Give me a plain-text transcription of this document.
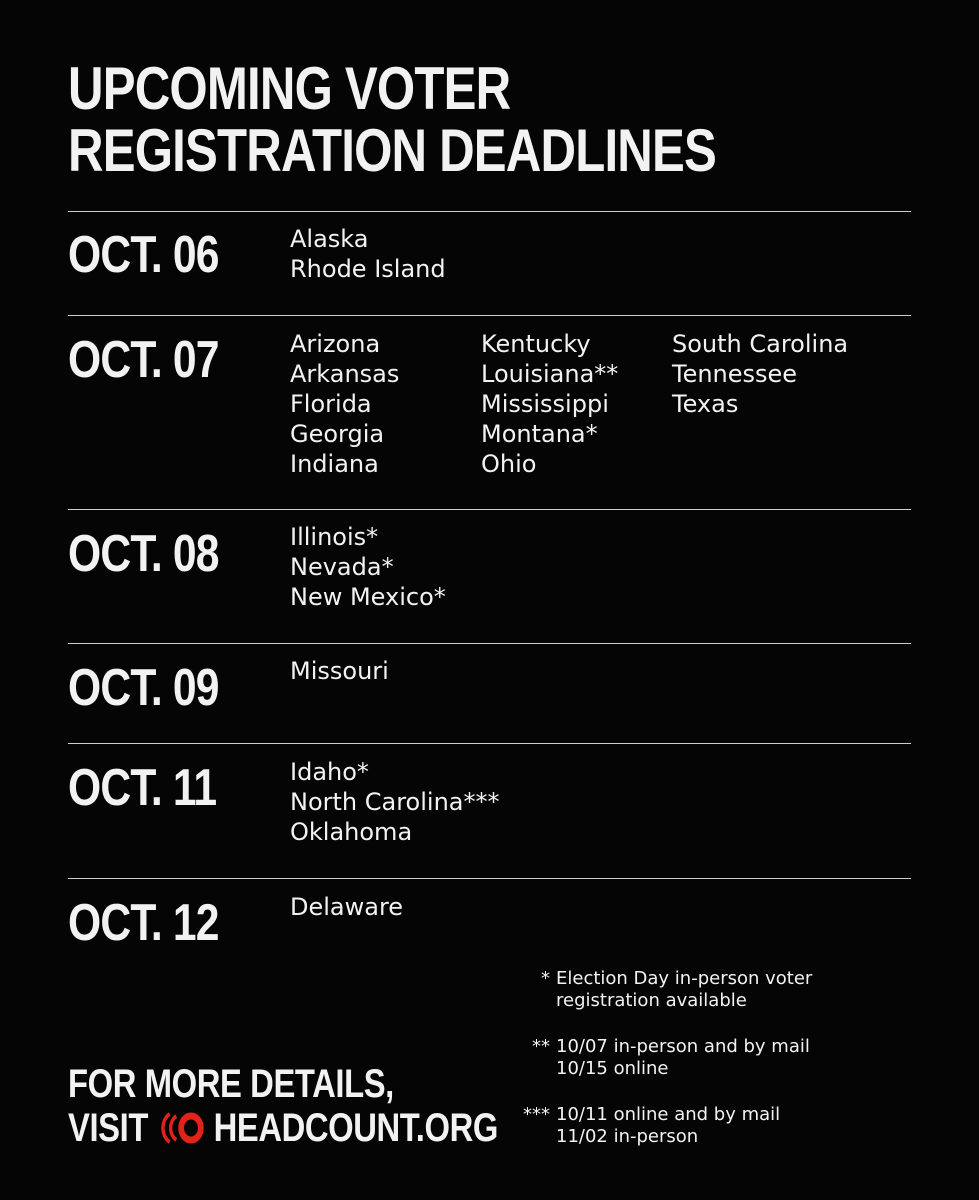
UPCOMING VOTER
REGISTRATION DEADLINES
OCT. 06	Alaska
Rhode Island
OCT. 07	Arizona
Arkansas
Florida
Georgia
Indiana
Kentucky
Louisiana**
Mississippi
Montana*
Ohio
South Carolina
Tennessee
Texas
OCT. 08	Illinois*
Nevada*
New Mexico*
OCT. 09	Missouri
OCT. 11	Idaho*
North Carolina***
Oklahoma
OCT. 12	Delaware
* Election Day in-person voter
registration available
** 10/07 in-person and by mail
10/15 online
*** 10/11 online and by mail
11/02 in-person
FOR MORE DETAILS,
VISIT HEADCOUNT.ORG
